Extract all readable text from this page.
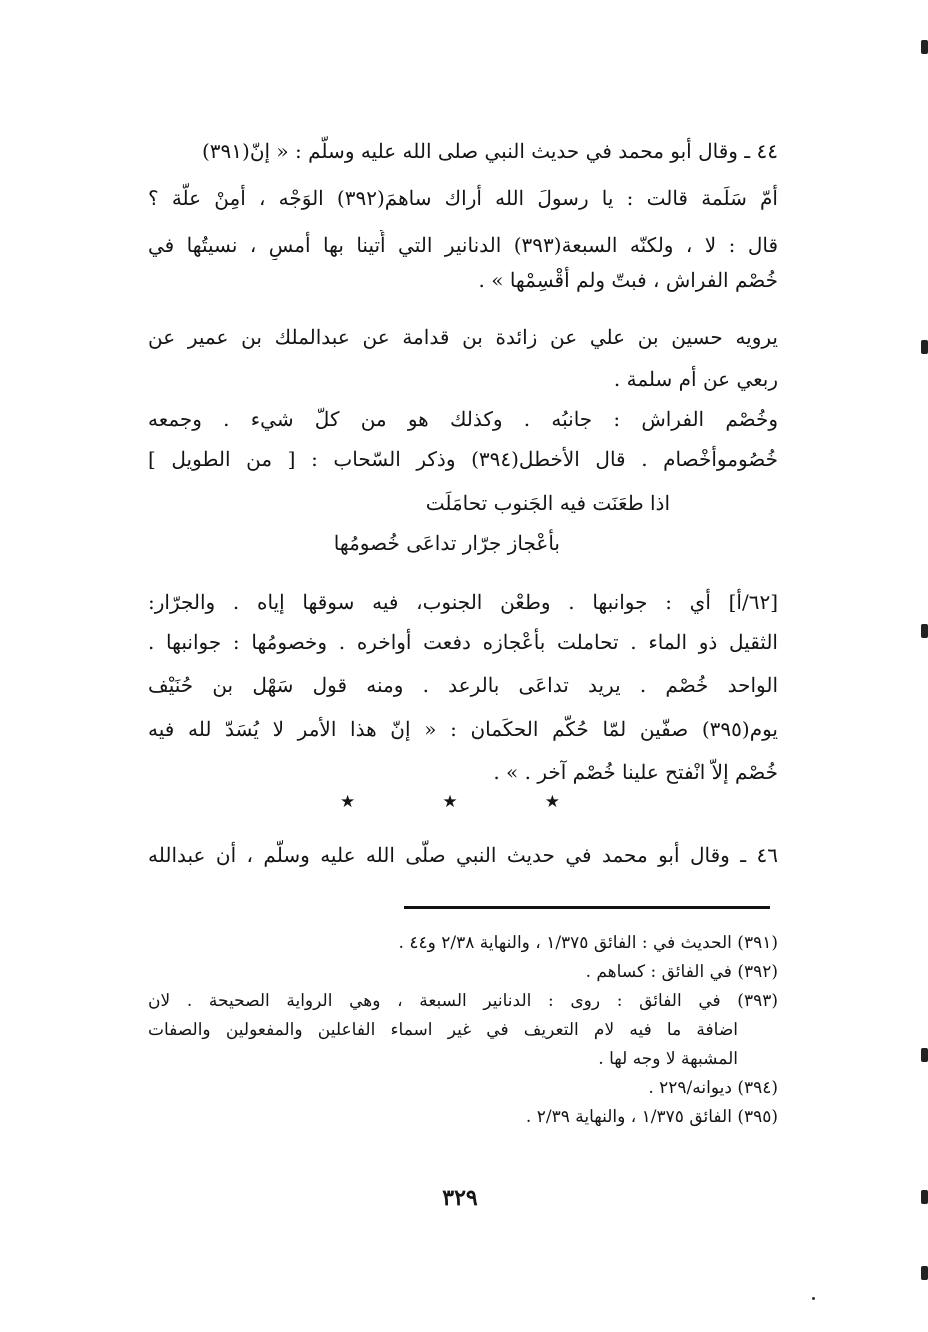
٤٤ ـ وقال أبو محمد في حديث النبي صلى الله عليه وسلّم : « إنّ(٣٩١)
أمّ سَلَمة قالت : يا رسولَ الله أراك ساهمَ(٣٩٢) الوَجْه ، أمِنْ علّة ؟
قال : لا ، ولكنّه السبعة(٣٩٣) الدنانير التي أُتينا بها أمسِ ، نسيتُها في
خُصْم الفراش ، فبتّ ولم أقْسِمْها » .
يرويه حسين بن علي عن زائدة بن قدامة عن عبدالملك بن عمير عن
ربعي عن أم سلمة .
وخُصْم الفراش : جانبُه . وكذلك هو من كلّ شيء . وجمعه
خُصُوموأخْصام . قال الأخطل(٣٩٤) وذكر السّحاب : [ من الطويل ]
اذا طعَنَت فيه الجَنوب تحامَلَت
بأعْجاز جرّار تداعَى خُصومُها
[٦٢/أ] أي : جوانبها . وطعْن الجنوب، فيه سوقها إياه . والجرّار:
الثقيل ذو الماء . تحاملت بأعْجازه دفعت أواخره . وخصومُها : جوانبها .
الواحد خُصْم . يريد تداعَى بالرعد . ومنه قول سَهْل بن حُنَيْف
يوم(٣٩٥) صفّين لمّا حُكّم الحكَمان : « إنّ هذا الأمر لا يُسَدّ لله فيه
خُصْم إلاّ انْفتح علينا خُصْم آخر . » .
★	★	★
٤٦ ـ وقال أبو محمد في حديث النبي صلّى الله عليه وسلّم ، أن عبدالله
(٣٩١) الحديث في : الفائق ١/٣٧٥ ، والنهاية ٢/٣٨ و٤٤ .
(٣٩٢) في الفائق : كساهم .
(٣٩٣) في الفائق : روى : الدنانير السبعة ، وهي الرواية الصحيحة . لان
اضافة ما فيه لام التعريف في غير اسماء الفاعلين والمفعولين والصفات
المشبهة لا وجه لها .
(٣٩٤) ديوانه/٢٢٩ .
(٣٩٥) الفائق ١/٣٧٥ ، والنهاية ٢/٣٩ .
٣٢٩
